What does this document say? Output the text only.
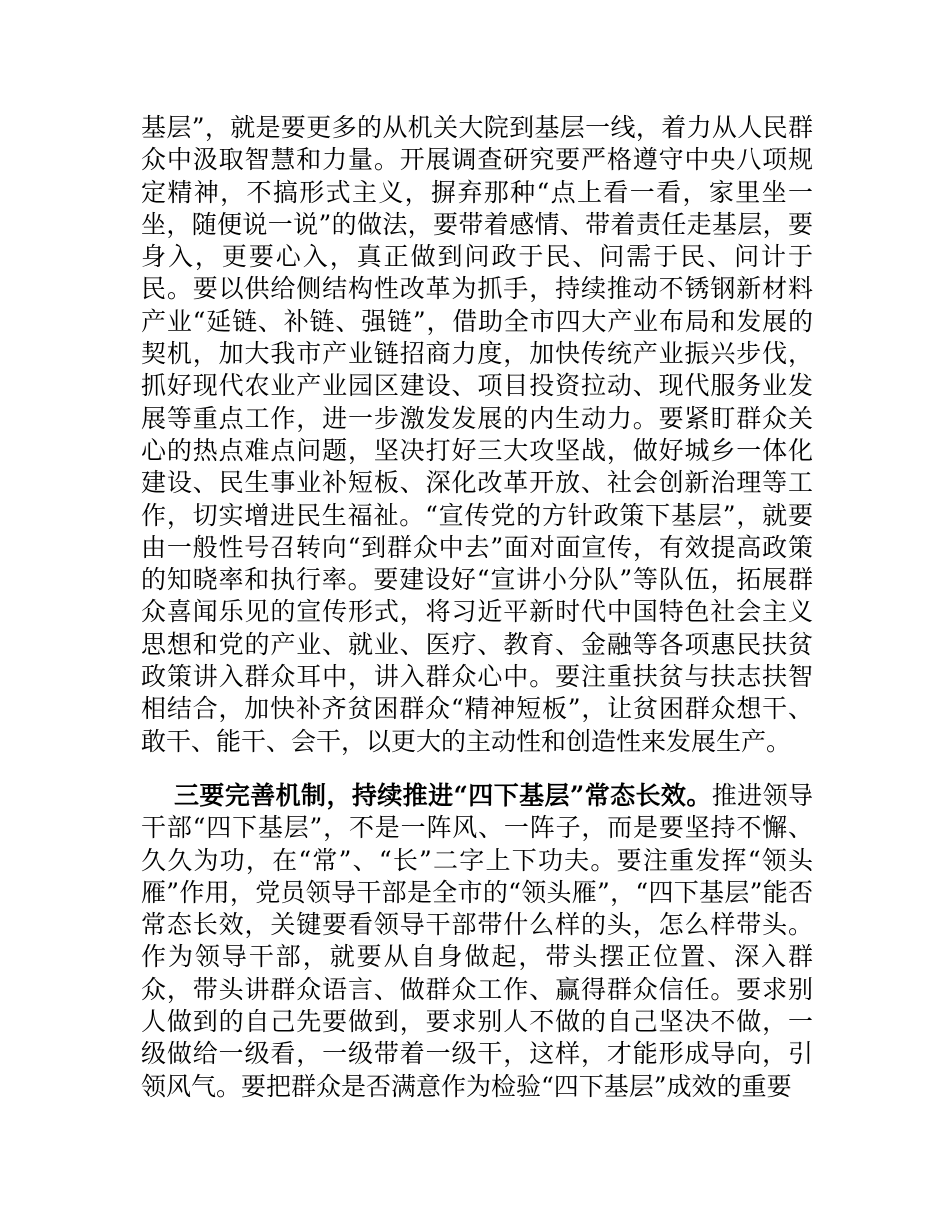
基层”，就是要更多的从机关大院到基层一线，着力从人民群众中汲取智慧和力量。开展调查研究要严格遵守中央八项规定精神，不搞形式主义，摒弃那种“点上看一看，家里坐一坐，随便说一说”的做法，要带着感情、带着责任走基层，要身入，更要心入，真正做到问政于民、问需于民、问计于民。要以供给侧结构性改革为抓手，持续推动不锈钢新材料产业“延链、补链、强链”，借助全市四大产业布局和发展的契机，加大我市产业链招商力度，加快传统产业振兴步伐，抓好现代农业产业园区建设、项目投资拉动、现代服务业发展等重点工作，进一步激发发展的内生动力。要紧盯群众关心的热点难点问题，坚决打好三大攻坚战，做好城乡一体化建设、民生事业补短板、深化改革开放、社会创新治理等工作，切实增进民生福祉。“宣传党的方针政策下基层”，就要由一般性号召转向“到群众中去”面对面宣传，有效提高政策的知晓率和执行率。要建设好“宣讲小分队”等队伍，拓展群众喜闻乐见的宣传形式，将习近平新时代中国特色社会主义思想和党的产业、就业、医疗、教育、金融等各项惠民扶贫政策讲入群众耳中，讲入群众心中。要注重扶贫与扶志扶智相结合，加快补齐贫困群众“精神短板”，让贫困群众想干、敢干、能干、会干，以更大的主动性和创造性来发展生产。

三要完善机制，持续推进“四下基层”常态长效。推进领导干部“四下基层”，不是一阵风、一阵子，而是要坚持不懈、久久为功，在“常”、“长”二字上下功夫。要注重发挥“领头雁”作用，党员领导干部是全市的“领头雁”，“四下基层”能否常态长效，关键要看领导干部带什么样的头，怎么样带头。作为领导干部，就要从自身做起，带头摆正位置、深入群众，带头讲群众语言、做群众工作、赢得群众信任。要求别人做到的自己先要做到，要求别人不做的自己坚决不做，一级做给一级看，一级带着一级干，这样，才能形成导向，引领风气。要把群众是否满意作为检验“四下基层”成效的重要
